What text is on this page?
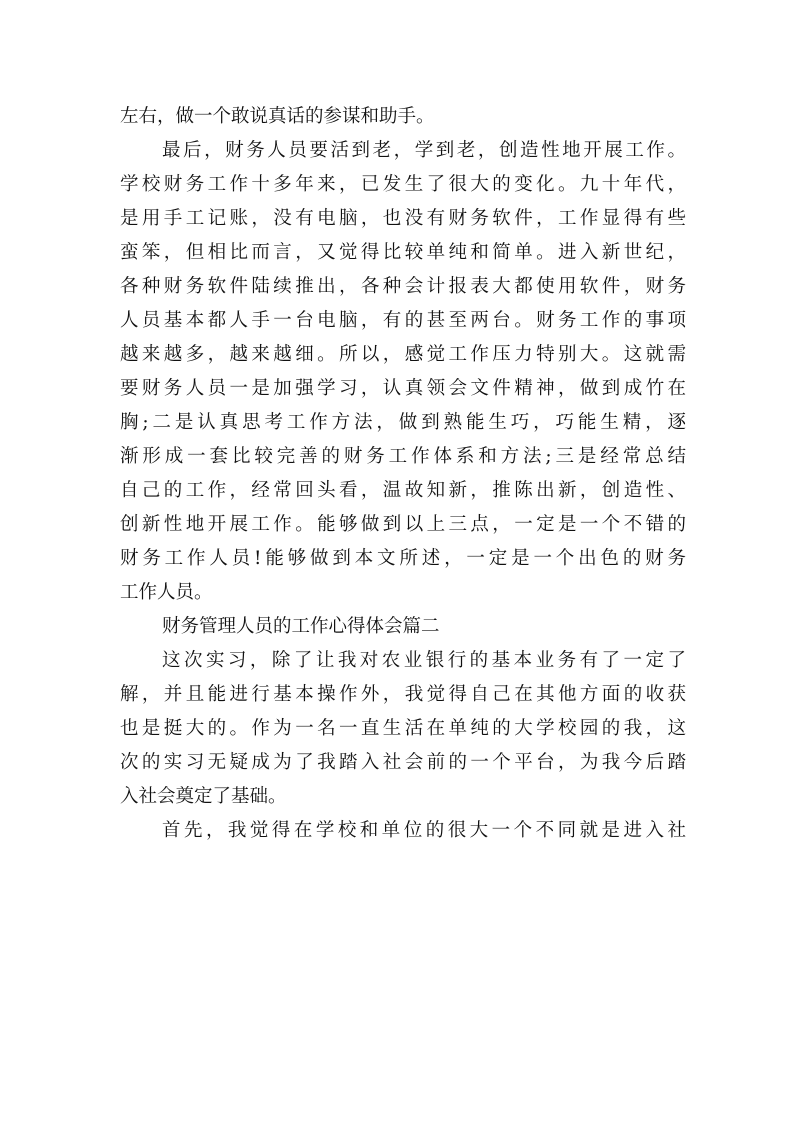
左右，做一个敢说真话的参谋和助手。

最后，财务人员要活到老，学到老，创造性地开展工作。

学校财务工作十多年来，已发生了很大的变化。九十年代，

是用手工记账，没有电脑，也没有财务软件，工作显得有些

蛮笨，但相比而言，又觉得比较单纯和简单。进入新世纪，

各种财务软件陆续推出，各种会计报表大都使用软件，财务

人员基本都人手一台电脑，有的甚至两台。财务工作的事项

越来越多，越来越细。所以，感觉工作压力特别大。这就需

要财务人员一是加强学习，认真领会文件精神，做到成竹在

胸;二是认真思考工作方法，做到熟能生巧，巧能生精，逐

渐形成一套比较完善的财务工作体系和方法;三是经常总结

自己的工作，经常回头看，温故知新，推陈出新，创造性、

创新性地开展工作。能够做到以上三点，一定是一个不错的

财务工作人员!能够做到本文所述，一定是一个出色的财务

工作人员。

财务管理人员的工作心得体会篇二

这次实习，除了让我对农业银行的基本业务有了一定了

解，并且能进行基本操作外，我觉得自己在其他方面的收获

也是挺大的。作为一名一直生活在单纯的大学校园的我，这

次的实习无疑成为了我踏入社会前的一个平台，为我今后踏

入社会奠定了基础。

首先，我觉得在学校和单位的很大一个不同就是进入社
